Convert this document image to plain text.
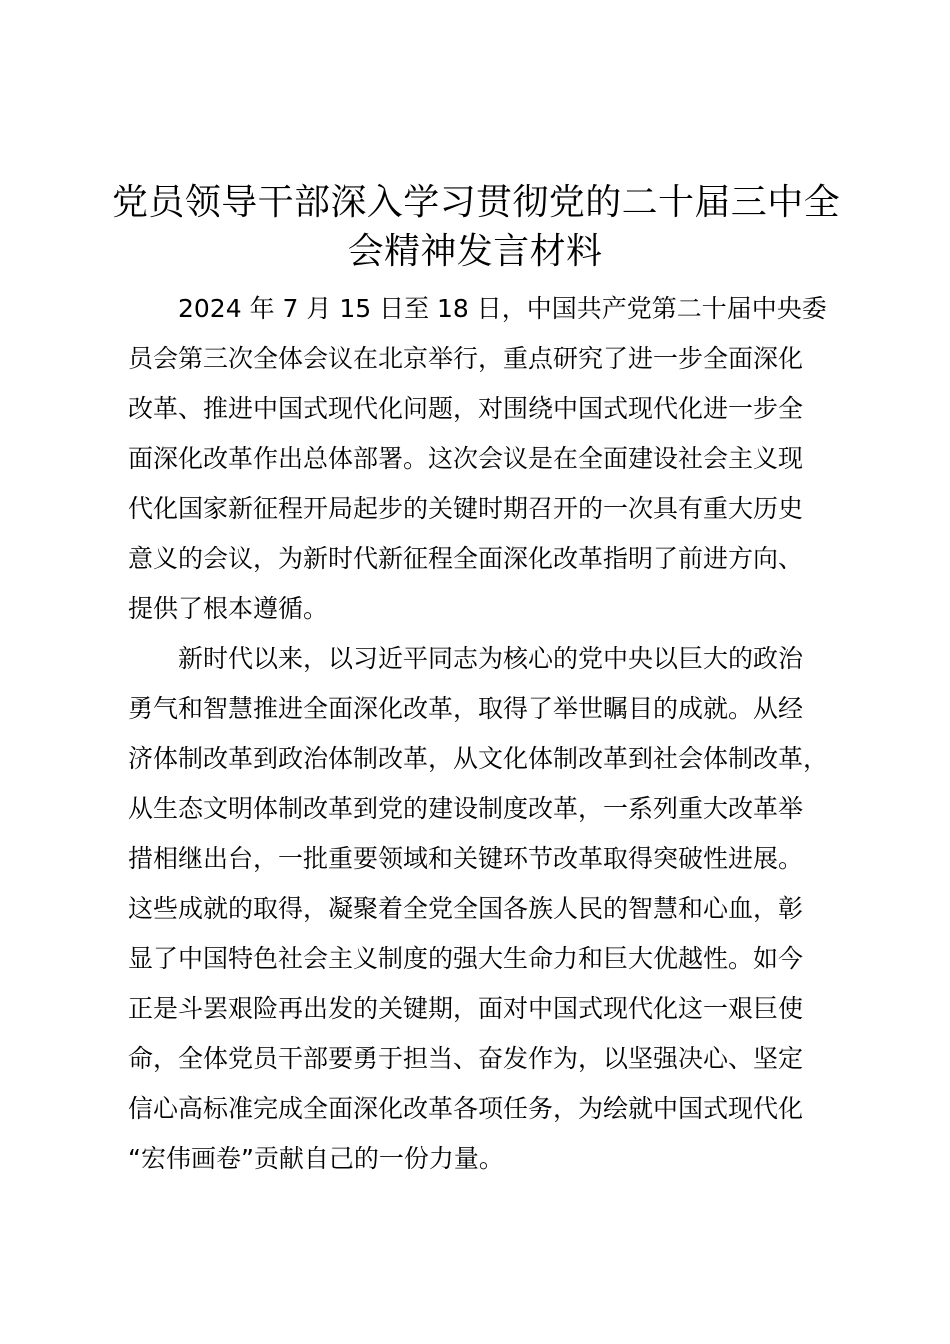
党员领导干部深入学习贯彻党的二十届三中全
会精神发言材料

2024 年 7 月 15 日至 18 日，中国共产党第二十届中央委
员会第三次全体会议在北京举行，重点研究了进一步全面深化
改革、推进中国式现代化问题，对围绕中国式现代化进一步全
面深化改革作出总体部署。这次会议是在全面建设社会主义现
代化国家新征程开局起步的关键时期召开的一次具有重大历史
意义的会议，为新时代新征程全面深化改革指明了前进方向、
提供了根本遵循。

新时代以来，以习近平同志为核心的党中央以巨大的政治
勇气和智慧推进全面深化改革，取得了举世瞩目的成就。从经
济体制改革到政治体制改革，从文化体制改革到社会体制改革，
从生态文明体制改革到党的建设制度改革，一系列重大改革举
措相继出台，一批重要领域和关键环节改革取得突破性进展。
这些成就的取得，凝聚着全党全国各族人民的智慧和心血，彰
显了中国特色社会主义制度的强大生命力和巨大优越性。如今
正是斗罢艰险再出发的关键期，面对中国式现代化这一艰巨使
命，全体党员干部要勇于担当、奋发作为，以坚强决心、坚定
信心高标准完成全面深化改革各项任务，为绘就中国式现代化
“宏伟画卷”贡献自己的一份力量。
